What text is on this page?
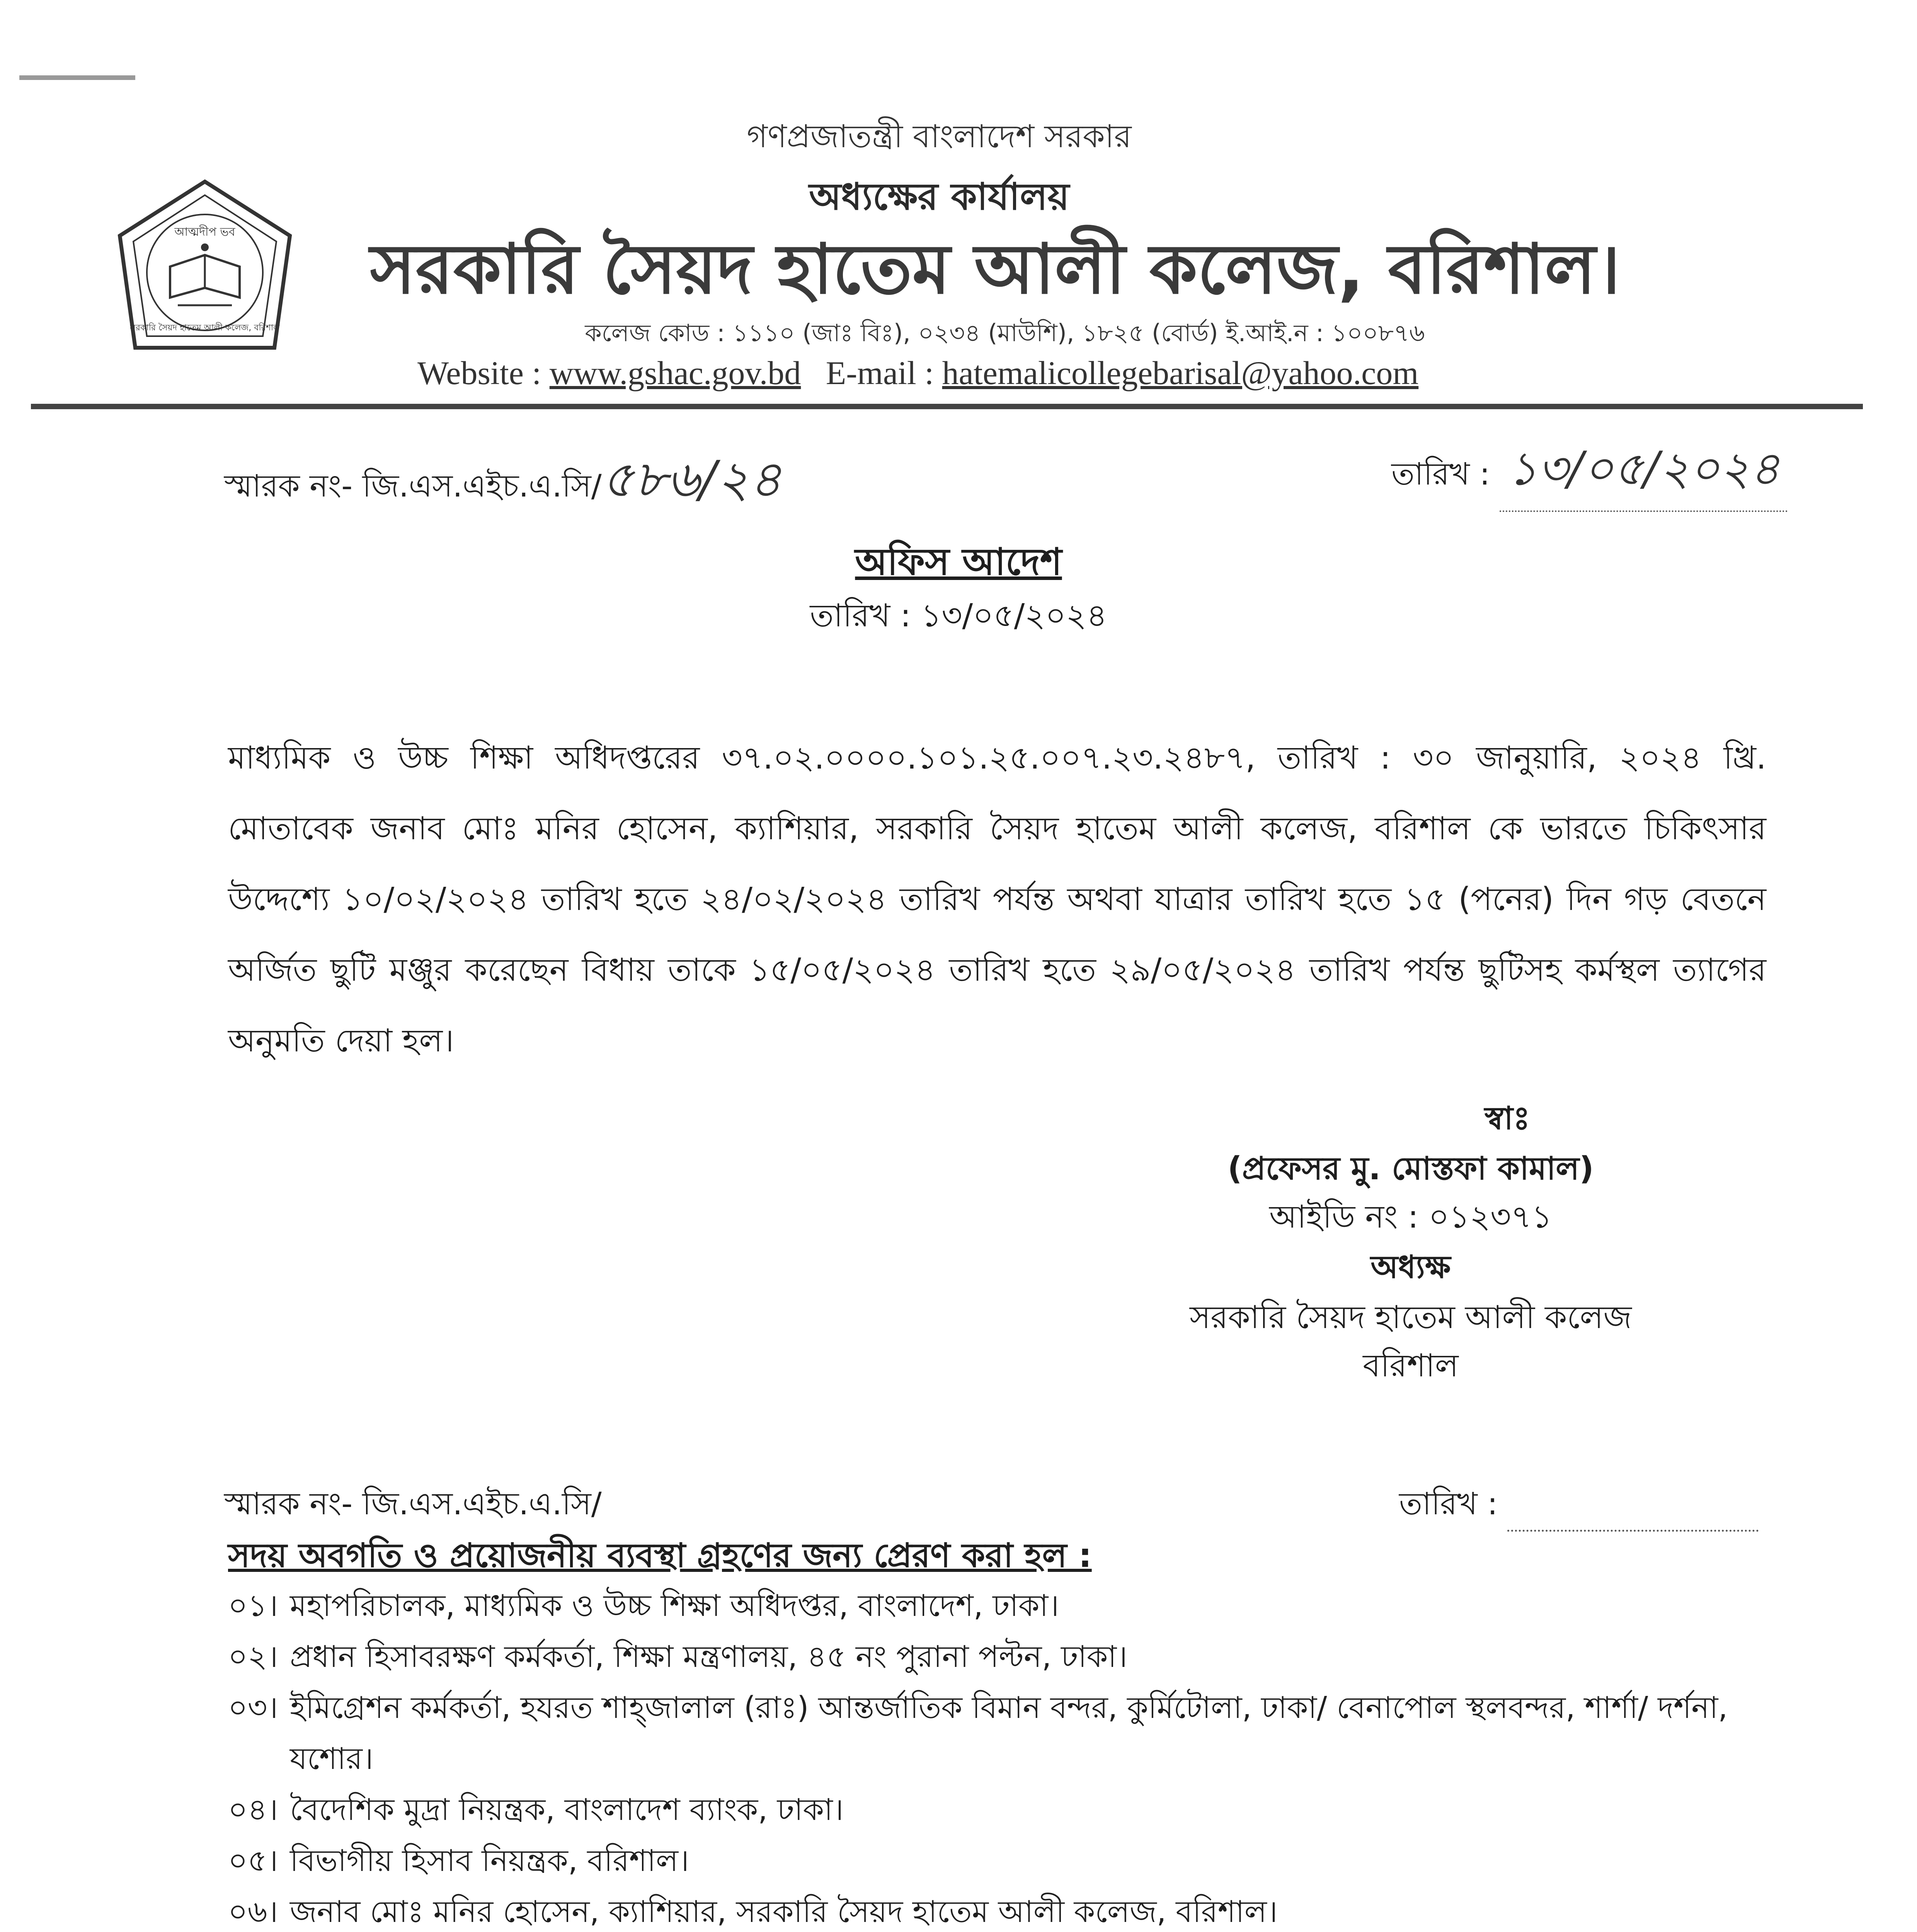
আত্মদীপ ভব
সরকারি সৈয়দ হাতেম আলী কলেজ, বরিশাল
গণপ্রজাতন্ত্রী বাংলাদেশ সরকার
অধ্যক্ষের কার্যালয়
সরকারি সৈয়দ হাতেম আলী কলেজ, বরিশাল।
কলেজ কোড : ১১১০ (জাঃ বিঃ), ০২৩৪ (মাউশি), ১৮২৫ (বোর্ড) ই.আই.ন : ১০০৮৭৬
Website : www.gshac.gov.bd E-mail : hatemalicollegebarisal@yahoo.com
স্মারক নং- জি.এস.এইচ.এ.সি/৫৮৬/২৪	তারিখ : ১৩/০৫/২০২৪
অফিস আদেশ
তারিখ : ১৩/০৫/২০২৪
মাধ্যমিক ও উচ্চ শিক্ষা অধিদপ্তরের ৩৭.০২.০০০০.১০১.২৫.০০৭.২৩.২৪৮৭, তারিখ : ৩০ জানুয়ারি, ২০২৪ খ্রি. মোতাবেক জনাব মোঃ মনির হোসেন, ক্যাশিয়ার, সরকারি সৈয়দ হাতেম আলী কলেজ, বরিশাল কে ভারতে চিকিৎসার উদ্দেশ্যে ১০/০২/২০২৪ তারিখ হতে ২৪/০২/২০২৪ তারিখ পর্যন্ত অথবা যাত্রার তারিখ হতে ১৫ (পনের) দিন গড় বেতনে অর্জিত ছুটি মঞ্জুর করেছেন বিধায় তাকে ১৫/০৫/২০২৪ তারিখ হতে ২৯/০৫/২০২৪ তারিখ পর্যন্ত ছুটিসহ কর্মস্থল ত্যাগের অনুমতি দেয়া হল।
স্বাঃ
(প্রফেসর মু. মোস্তফা কামাল)
আইডি নং : ০১২৩৭১
অধ্যক্ষ
সরকারি সৈয়দ হাতেম আলী কলেজ
বরিশাল
স্মারক নং- জি.এস.এইচ.এ.সি/	তারিখ :
সদয় অবগতি ও প্রয়োজনীয় ব্যবস্থা গ্রহণের জন্য প্রেরণ করা হল :
০১। মহাপরিচালক, মাধ্যমিক ও উচ্চ শিক্ষা অধিদপ্তর, বাংলাদেশ, ঢাকা।
০২। প্রধান হিসাবরক্ষণ কর্মকর্তা, শিক্ষা মন্ত্রণালয়, ৪৫ নং পুরানা পল্টন, ঢাকা।
০৩। ইমিগ্রেশন কর্মকর্তা, হযরত শাহ্জালাল (রাঃ) আন্তর্জাতিক বিমান বন্দর, কুর্মিটোলা, ঢাকা/ বেনাপোল স্থলবন্দর, শার্শা/ দর্শনা, যশোর।
০৪। বৈদেশিক মুদ্রা নিয়ন্ত্রক, বাংলাদেশ ব্যাংক, ঢাকা।
০৫। বিভাগীয় হিসাব নিয়ন্ত্রক, বরিশাল।
০৬। জনাব মোঃ মনির হোসেন, ক্যাশিয়ার, সরকারি সৈয়দ হাতেম আলী কলেজ, বরিশাল।
